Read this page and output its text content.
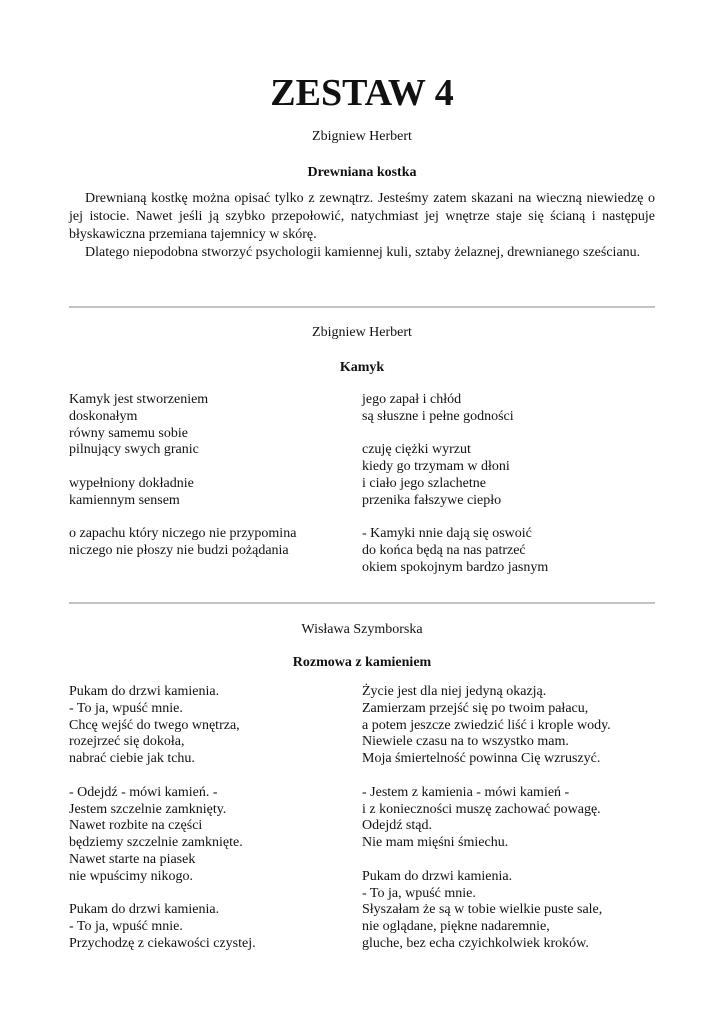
ZESTAW 4

Zbigniew Herbert

Drewniana kostka

Drewnianą kostkę można opisać tylko z zewnątrz. Jesteśmy zatem skazani na wieczną niewiedzę o jej istocie. Nawet jeśli ją szybko przepołowić, natychmiast jej wnętrze staje się ścianą i następuje błyskawiczna przemiana tajemnicy w skórę.

Dlatego niepodobna stworzyć psychologii kamiennej kuli, sztaby żelaznej, drewnianego sześcianu.

Zbigniew Herbert

Kamyk

Kamyk jest stworzeniem
doskonałym
równy samemu sobie
pilnujący swych granic
wypełniony dokładnie
kamiennym sensem
o zapachu który niczego nie przypomina
niczego nie płoszy nie budzi pożądania
jego zapał i chłód
są słuszne i pełne godności
czuję ciężki wyrzut
kiedy go trzymam w dłoni
i ciało jego szlachetne
przenika fałszywe ciepło
- Kamyki nnie dają się oswoić
do końca będą na nas patrzeć
okiem spokojnym bardzo jasnym

Wisława Szymborska

Rozmowa z kamieniem

Pukam do drzwi kamienia.
- To ja, wpuść mnie.
Chcę wejść do twego wnętrza,
rozejrzeć się dokoła,
nabrać ciebie jak tchu.
- Odejdź - mówi kamień. -
Jestem szczelnie zamknięty.
Nawet rozbite na części
będziemy szczelnie zamknięte.
Nawet starte na piasek
nie wpuścimy nikogo.
Pukam do drzwi kamienia.
- To ja, wpuść mnie.
Przychodzę z ciekawości czystej.
Życie jest dla niej jedyną okazją.
Zamierzam przejść się po twoim pałacu,
a potem jeszcze zwiedzić liść i krople wody.
Niewiele czasu na to wszystko mam.
Moja śmiertelność powinna Cię wzruszyć.
- Jestem z kamienia - mówi kamień -
i z konieczności muszę zachować powagę.
Odejdź stąd.
Nie mam mięśni śmiechu.
Pukam do drzwi kamienia.
- To ja, wpuść mnie.
Słyszałam że są w tobie wielkie puste sale,
nie oglądane, piękne nadaremnie,
gluche, bez echa czyichkolwiek kroków.
